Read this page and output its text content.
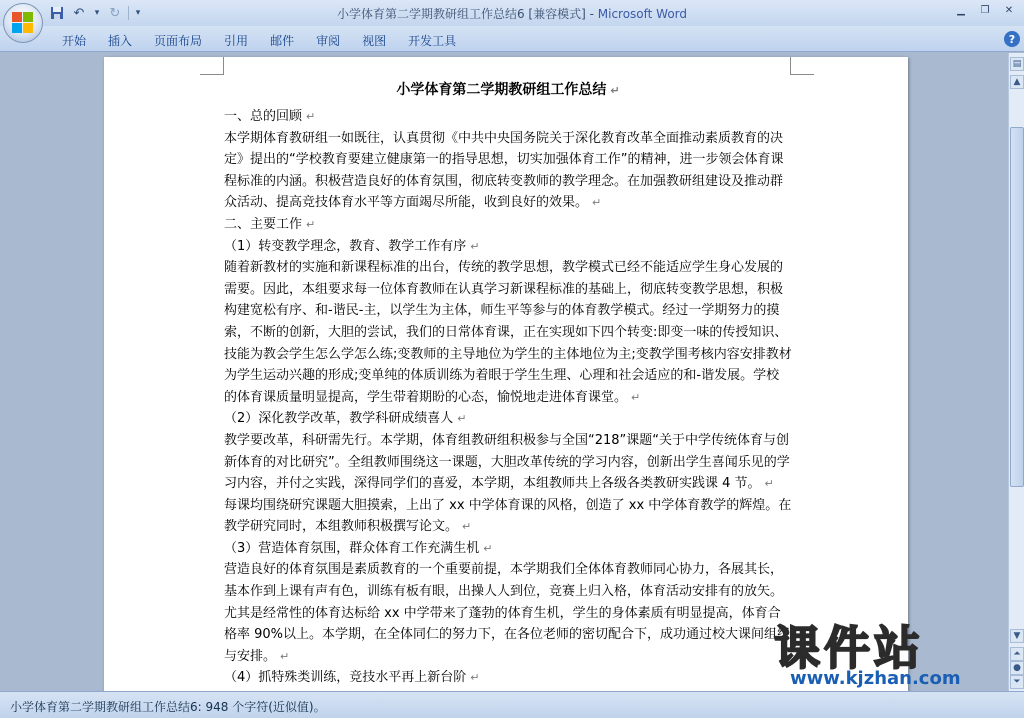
↶	▾ ↻	▾	小学体育第二学期教研组工作总结6 [兼容模式] - Microsoft Word	▁	❐	✕
开始	插入	页面布局	引用	邮件	审阅	视图	开发工具	?

小学体育第二学期教研组工作总结 ↵

一、总的回顾 ↵

本学期体育教研组一如既往，认真贯彻《中共中央国务院关于深化教育改革全面推动素质教育的决定》提出的“学校教育要建立健康第一的指导思想，切实加强体育工作”的精神，进一步领会体育课程标准的内涵。积极营造良好的体育氛围，彻底转变教师的教学理念。在加强教研组建设及推动群众活动、提高竞技体育水平等方面竭尽所能，收到良好的效果。 ↵

二、主要工作 ↵

（1）转变教学理念，教育、教学工作有序 ↵

随着新教材的实施和新课程标准的出台，传统的教学思想，教学模式已经不能适应学生身心发展的需要。因此，本组要求每一位体育教师在认真学习新课程标准的基础上，彻底转变教学思想，积极构建宽松有序、和-谐民-主，以学生为主体，师生平等参与的体育教学模式。经过一学期努力的摸索，不断的创新，大胆的尝试，我们的日常体育课，正在实现如下四个转变:即变一味的传授知识、技能为教会学生怎么学怎么练;变教师的主导地位为学生的主体地位为主;变教学围考核内容安排教材为学生运动兴趣的形成;变单纯的体质训练为着眼于学生生理、心理和社会适应的和-谐发展。学校的体育课质量明显提高，学生带着期盼的心态，愉悦地走进体育课堂。 ↵

（2）深化教学改革，教学科研成绩喜人 ↵

教学要改革，科研需先行。本学期，体育组教研组积极参与全国“218”课题“关于中学传统体育与创新体育的对比研究”。全组教师围绕这一课题，大胆改革传统的学习内容，创新出学生喜闻乐见的学习内容，并付之实践，深得同学们的喜爱，本学期，本组教师共上各级各类教研实践课 4 节。 ↵

每课均围绕研究课题大胆摸索，上出了 xx 中学体育课的风格，创造了 xx 中学体育教学的辉煌。在教学研究同时，本组教师积极撰写论文。 ↵

（3）营造体育氛围，群众体育工作充满生机 ↵

营造良好的体育氛围是素质教育的一个重要前提，本学期我们全体体育教师同心协力，各展其长，基本作到上课有声有色，训练有板有眼，出操人人到位，竞赛上归入格，体育活动安排有的放矢。尤其是经常性的体育达标给 xx 中学带来了蓬勃的体育生机，学生的身体素质有明显提高，体育合格率 90%以上。本学期，在全体同仁的努力下，在各位老师的密切配合下，成功通过校大课间组织与安排。 ↵

（4）抓特殊类训练，竞技水平再上新台阶 ↵

▤
▲
▼
⏶
●
⏷
课件站
www.kjzhan.com
小学体育第二学期教研组工作总结6: 948 个字符(近似值)。
